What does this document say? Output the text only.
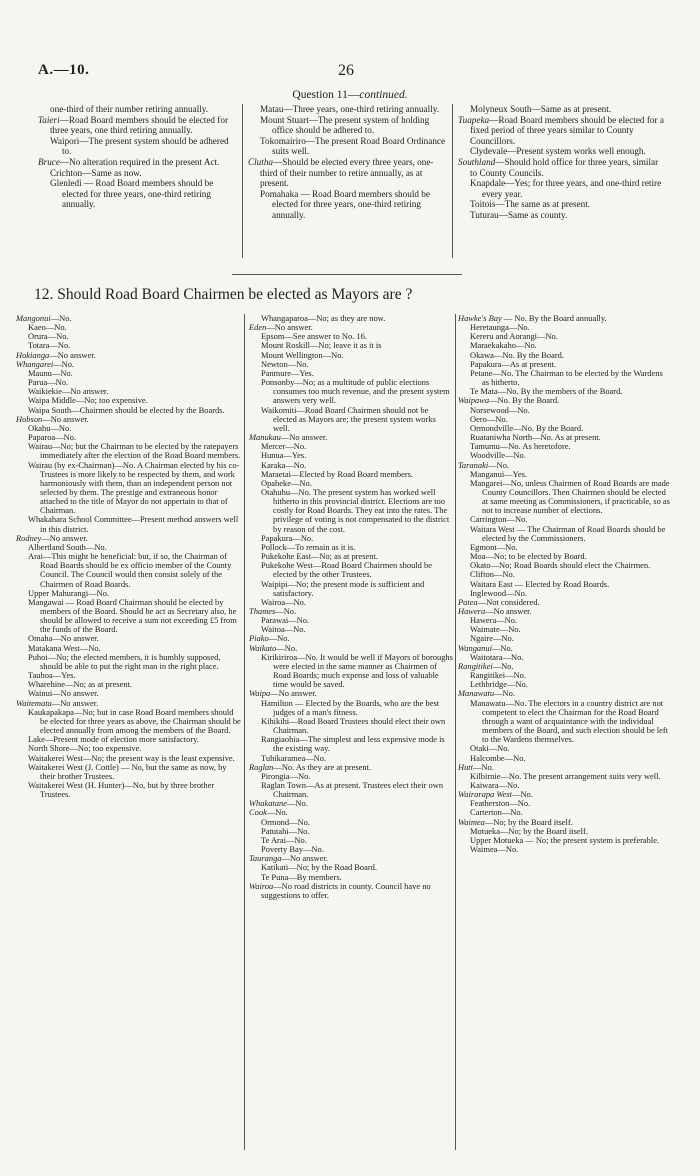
A.—10.	26
Question 11—continued.

one-third of their number retiring annually.

Taieri—Road Board members should be elected for three years, one third retiring annually.

Waipori—The present system should be adhered to.

Bruce—No alteration required in the present Act.

Crichton—Same as now.

Glenledi — Road Board members should be elected for three years, one-third retiring annually.

Matau—Three years, one-third retiring annually.

Mount Stuart—The present system of holding office should be adhered to.

Tokomairiro—The present Road Board Ordinance suits well.

Clutha—Should be elected every three years, one-third of their number to retire annually, as at present.

Pomahaka — Road Board members should be elected for three years, one-third retiring annually.

Molyneux South—Same as at present.

Tuapeka—Road Board members should be elected for a fixed period of three years similar to County Councillors.

Clydevale—Present system works well enough.

Southland—Should hold office for three years, similar to County Councils.

Knapdale—Yes; for three years, and one-third retire every year.

Toitois—The same as at present.

Tuturau—Same as county.

12. Should Road Board Chairmen be elected as Mayors are ?

Mangonui—No.

Kaeo—No.

Orura—No.

Totara—No.

Hokianga—No answer.

Whangarei—No.

Maunu—No.

Parua—No.

Waikiekie—No answer.

Waipa Middle—No; too expensive.

Waipa South—Chairmen should be elected by the Boards.

Hobson—No answer.

Okahu—No.

Paparoa—No.

Wairau—No; but the Chairman to be elected by the ratepayers immediately after the election of the Road Board members.

Wairau (by ex-Chairman)—No. A Chairman elected by his co-Trustees is more likely to be respected by them, and work harmoniously with them, than an independent person not selected by them. The prestige and extraneous honor attached to the title of Mayor do not appertain to that of Chairman.

Whakahara School Committee—Present method answers well in this district.

Rodney—No answer.

Albertland South—No.

Arai—This might be beneficial: but, if so, the Chairman of Road Boards should be ex officio member of the County Council. The Council would then consist solely of the Chairmen of Road Boards.

Upper Mahurangi—No.

Mangawai — Road Board Chairman should be elected by members of the Board. Should he act as Secretary also, he should be allowed to receive a sum not exceeding £5 from the funds of the Board.

Omaha—No answer.

Matakana West—No.

Puhoi—No; the elected members, it is humbly supposed, should be able to put the right man in the right place.

Tauhoa—Yes.

Wharehine—No; as at present.

Wainui—No answer.

Waitemata—No answer.

Kaukapakapa—No; but in case Road Board members should be elected for three years as above, the Chairman should be elected annually from among the members of the Board.

Lake—Present mode of election more satisfactory.

North Shore—No; too expensive.

Waitakerei West—No; the present way is the least expensive.

Waitakerei West (J. Cottle) — No, but the same as now, by their brother Trustees.

Waitakerei West (H. Hunter)—No, but by three brother Trustees.

Whangaparoa—No; as they are now.

Eden—No answer.

Epsom—See answer to No. 16.

Mount Roskill—No; leave it as it is

Mount Wellington—No.

Newton—No.

Panmure—Yes.

Ponsonby—No; as a multitude of public elections consumes too much revenue, and the present system answers very well.

Waikomiti—Road Board Chairmen should not be elected as Mayors are; the present system works well.

Manukau—No answer.

Mercer—No.

Hunua—Yes.

Karaka—No.

Maraetai—Elected by Road Board members.

Opaheke—No.

Otahuhu—No. The present system has worked well hitherto in this provincial district. Elections are too costly for Road Boards. They eat into the rates. The privilege of voting is not compensated to the district by reason of the cost.

Papakura—No.

Pollock—To remain as it is.

Pukekohe East—No; as at present.

Pukekohe West—Road Board Chairmen should be elected by the other Trustees.

Waipipi—No; the present mode is sufficient and satisfactory.

Wairoa—No.

Thames—No.

Parawai—No.

Waitoa—No.

Piako—No.

Waikato—No.

Kirikiriroa—No. It would be well if Mayors of boroughs were elected in the same manner as Chairmen of Road Boards; much expense and loss of valuable time would be saved.

Waipa—No answer.

Hamilton — Elected by the Boards, who are the best judges of a man's fitness.

Kihikihi—Road Board Trustees should elect their own Chairman.

Rangiaohia—The simplest and less expensive mode is the existing way.

Tuhikaramea—No.

Raglan—No. As they are at present.

Pirongia—No.

Raglan Town—As at present. Trustees elect their own Chairman.

Whakatane—No.

Cook—No.

Ormond—No.

Patutahi—No.

Te Arai—No.

Poverty Bay—No.

Tauranga—No answer.

Katikati—No; by the Road Board.

Te Puna—By members.

Wairoa—No road districts in county. Council have no suggestions to offer.

Hawke's Bay — No. By the Board annually.

Heretaunga—No.

Kereru and Aorangi—No.

Maraekakaho—No.

Okawa—No. By the Board.

Papakura—As at present.

Petane—No. The Chairman to be elected by the Wardens as hitherto.

Te Mata—No. By the members of the Board.

Waipawa—No. By the Board.

Norsewood—No.

Oero—No.

Ormondville—No. By the Board.

Ruataniwha North—No. As at present.

Tamumu—No. As heretofore.

Woodville—No.

Taranaki—No.

Manganui—Yes.

Mangarei—No, unless Chairmen of Road Boards are made County Councillors. Then Chairmen should be elected at same meeting as Commissioners, if practicable, so as not to increase number of elections.

Carrington—No.

Waitara West — The Chairman of Road Boards should be elected by the Commissioners.

Egmont—No.

Moa—No; to be elected by Board.

Okato—No; Road Boards should elect the Chairmen.

Clifton—No.

Waitara East — Elected by Road Boards.

Inglewood—No.

Patea—Not considered.

Hawera—No answer.

Hawera—No.

Waimate—No.

Ngaire—No.

Wanganui—No.

Waitotara—No.

Rangitikei—No.

Rangitikei—No.

Lethbridge—No.

Manawatu—No.

Manawatu—No. The electors in a country district are not competent to elect the Chairman for the Road Board through a want of acquaintance with the individual members of the Board, and such election should be left to the Wardens themselves.

Otaki—No.

Halcombe—No.

Hutt—No.

Kilbirnie—No. The present arrangement suits very well.

Kaiwara—No.

Wairarapa West—No.

Featherston—No.

Carterton—No.

Waimea—No; by the Board itself.

Motueka—No; by the Board itself.

Upper Motueka — No; the present system is preferable.

Waimea—No.
